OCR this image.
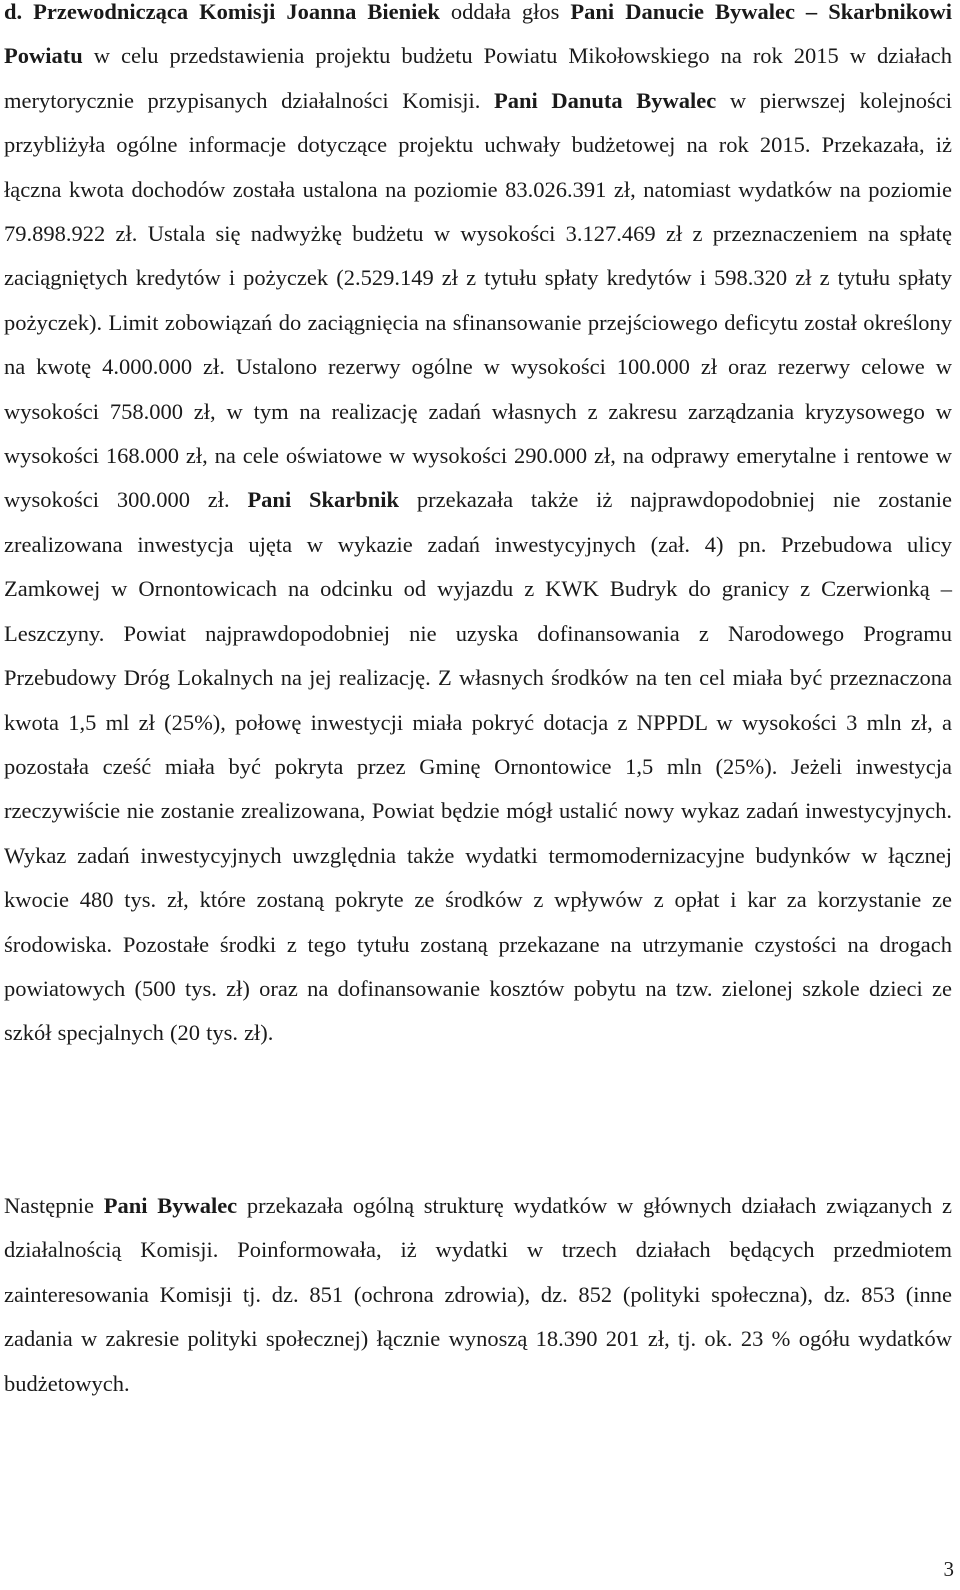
d. Przewodnicząca Komisji Joanna Bieniek oddała głos Pani Danucie Bywalec – Skarbnikowi Powiatu w celu przedstawienia projektu budżetu Powiatu Mikołowskiego na rok 2015 w działach merytorycznie przypisanych działalności Komisji. Pani Danuta Bywalec w pierwszej kolejności przybliżyła ogólne informacje dotyczące projektu uchwały budżetowej na rok 2015. Przekazała, iż łączna kwota dochodów została ustalona na poziomie 83.026.391 zł, natomiast wydatków na poziomie 79.898.922 zł. Ustala się nadwyżkę budżetu w wysokości 3.127.469 zł z przeznaczeniem na spłatę zaciągniętych kredytów i pożyczek (2.529.149 zł z tytułu spłaty kredytów i 598.320 zł z tytułu spłaty pożyczek). Limit zobowiązań do zaciągnięcia na sfinansowanie przejściowego deficytu został określony na kwotę 4.000.000 zł. Ustalono rezerwy ogólne w wysokości 100.000 zł oraz rezerwy celowe w wysokości 758.000 zł, w tym na realizację zadań własnych z zakresu zarządzania kryzysowego w wysokości 168.000 zł, na cele oświatowe w wysokości 290.000 zł, na odprawy emerytalne i rentowe w wysokości 300.000 zł. Pani Skarbnik przekazała także iż najprawdopodobniej nie zostanie zrealizowana inwestycja ujęta w wykazie zadań inwestycyjnych (zał. 4) pn. Przebudowa ulicy Zamkowej w Ornontowicach na odcinku od wyjazdu z KWK Budryk do granicy z Czerwionką – Leszczyny. Powiat najprawdopodobniej nie uzyska dofinansowania z Narodowego Programu Przebudowy Dróg Lokalnych na jej realizację. Z własnych środków na ten cel miała być przeznaczona kwota 1,5 ml zł (25%), połowę inwestycji miała pokryć dotacja z NPPDL w wysokości 3 mln zł, a pozostała cześć miała być pokryta przez Gminę Ornontowice 1,5 mln (25%). Jeżeli inwestycja rzeczywiście nie zostanie zrealizowana, Powiat będzie mógł ustalić nowy wykaz zadań inwestycyjnych. Wykaz zadań inwestycyjnych uwzględnia także wydatki termomodernizacyjne budynków w łącznej kwocie 480 tys. zł, które zostaną pokryte ze środków z wpływów z opłat i kar za korzystanie ze środowiska. Pozostałe środki z tego tytułu zostaną przekazane na utrzymanie czystości na drogach powiatowych (500 tys. zł) oraz na dofinansowanie kosztów pobytu na tzw. zielonej szkole dzieci ze szkół specjalnych (20 tys. zł).

Następnie Pani Bywalec przekazała ogólną strukturę wydatków w głównych działach związanych z działalnością Komisji. Poinformowała, iż wydatki w trzech działach będących przedmiotem zainteresowania Komisji tj. dz. 851 (ochrona zdrowia), dz. 852 (polityki społeczna), dz. 853 (inne zadania w zakresie polityki społecznej) łącznie wynoszą 18.390 201 zł, tj. ok. 23 % ogółu wydatków budżetowych.

3
